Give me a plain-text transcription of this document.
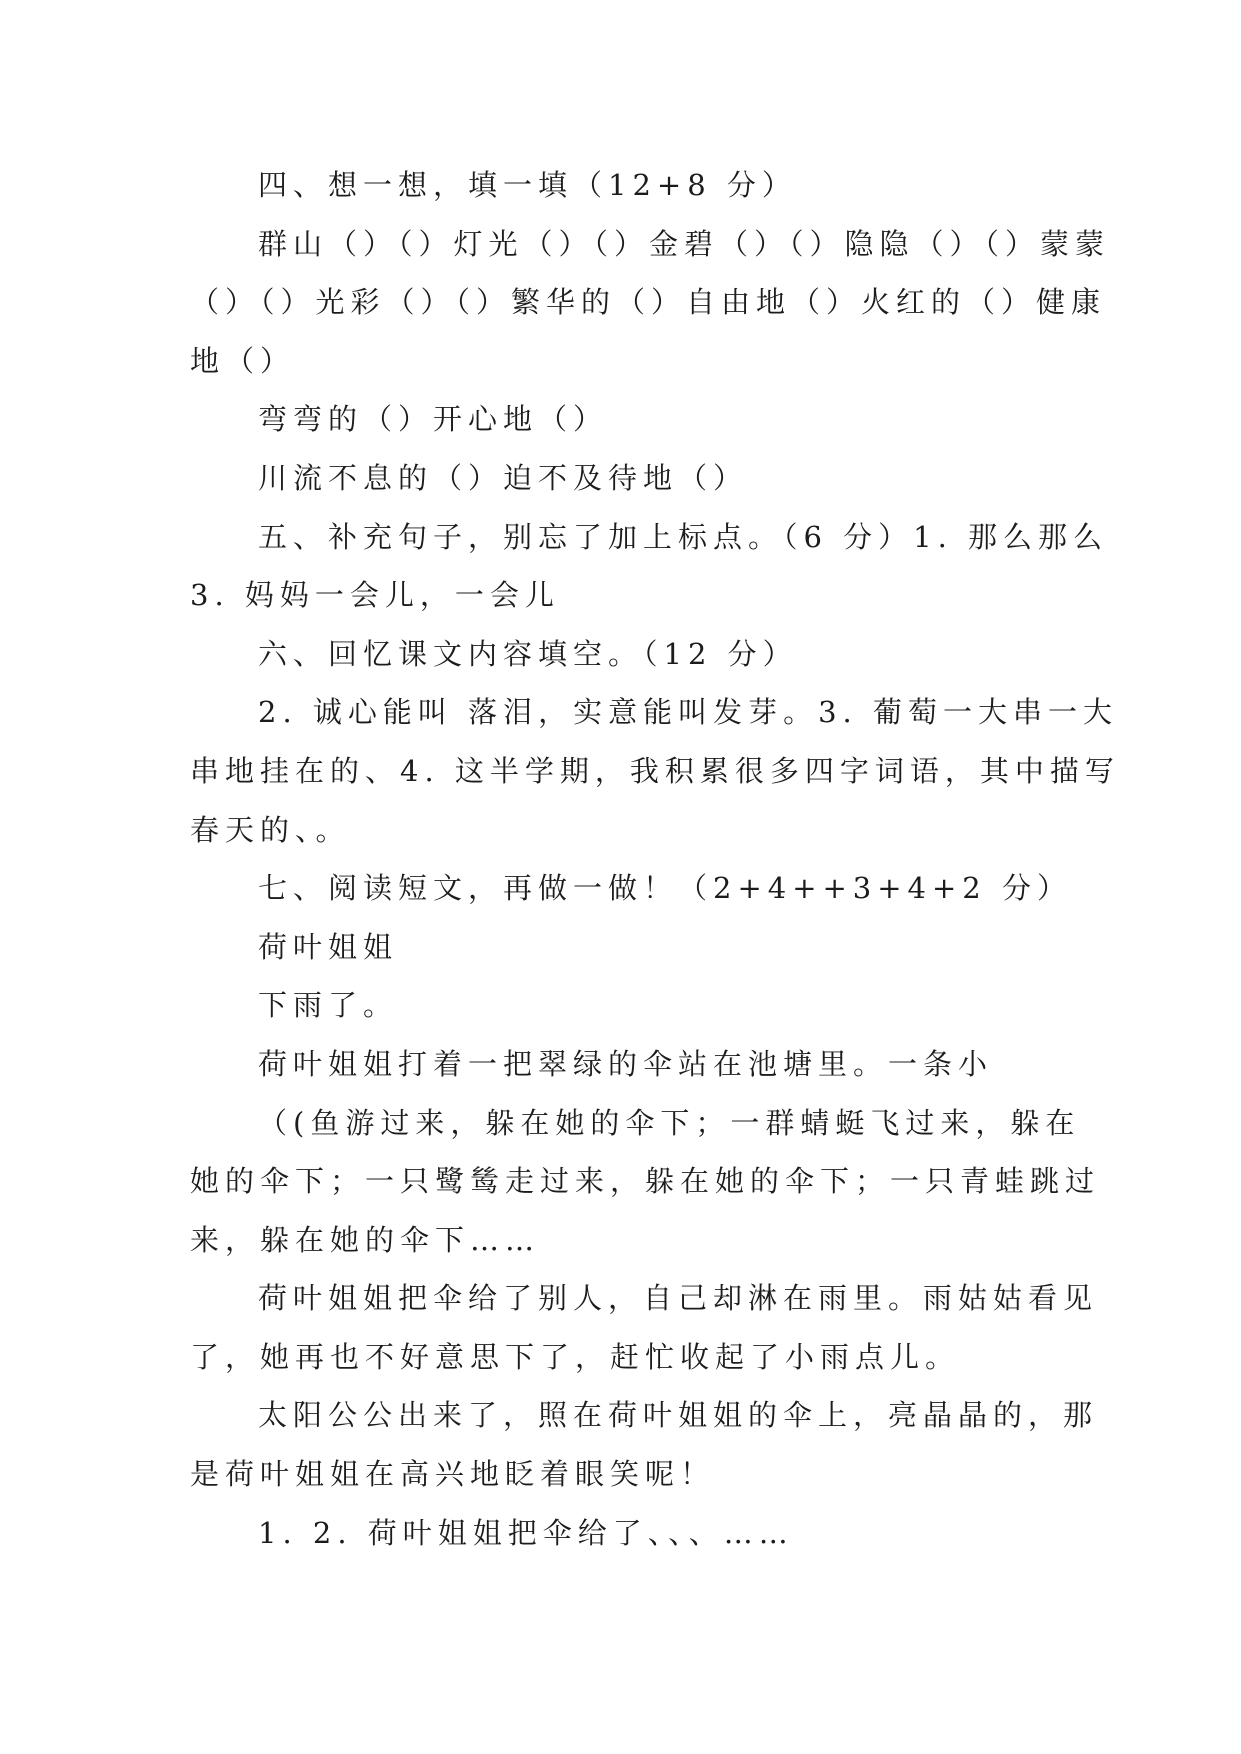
四、想一想，填一填（12+8 分）

群山（）（）灯光（）（）金碧（）（）隐隐（）（）蒙蒙

（）（）光彩（）（）繁华的（）自由地（）火红的（）健康

地（）

弯弯的（）开心地（）

川流不息的（）迫不及待地（）

五、补充句子，别忘了加上标点。（6 分）1. 那么那么

3. 妈妈一会儿，一会儿

六、回忆课文内容填空。（12 分）

2. 诚心能叫 落泪，实意能叫发芽。3. 葡萄一大串一大

串地挂在的、4. 这半学期，我积累很多四字词语，其中描写

春天的、。

七、阅读短文，再做一做！（2+4++3+4+2 分）

荷叶姐姐

下雨了。

荷叶姐姐打着一把翠绿的伞站在池塘里。一条小

（(鱼游过来，躲在她的伞下；一群蜻蜓飞过来，躲在

她的伞下；一只鹭鸶走过来，躲在她的伞下；一只青蛙跳过

来，躲在她的伞下……

荷叶姐姐把伞给了别人，自己却淋在雨里。雨姑姑看见

了，她再也不好意思下了，赶忙收起了小雨点儿。

太阳公公出来了，照在荷叶姐姐的伞上，亮晶晶的，那

是荷叶姐姐在高兴地眨着眼笑呢！

1. 2. 荷叶姐姐把伞给了、、、……
